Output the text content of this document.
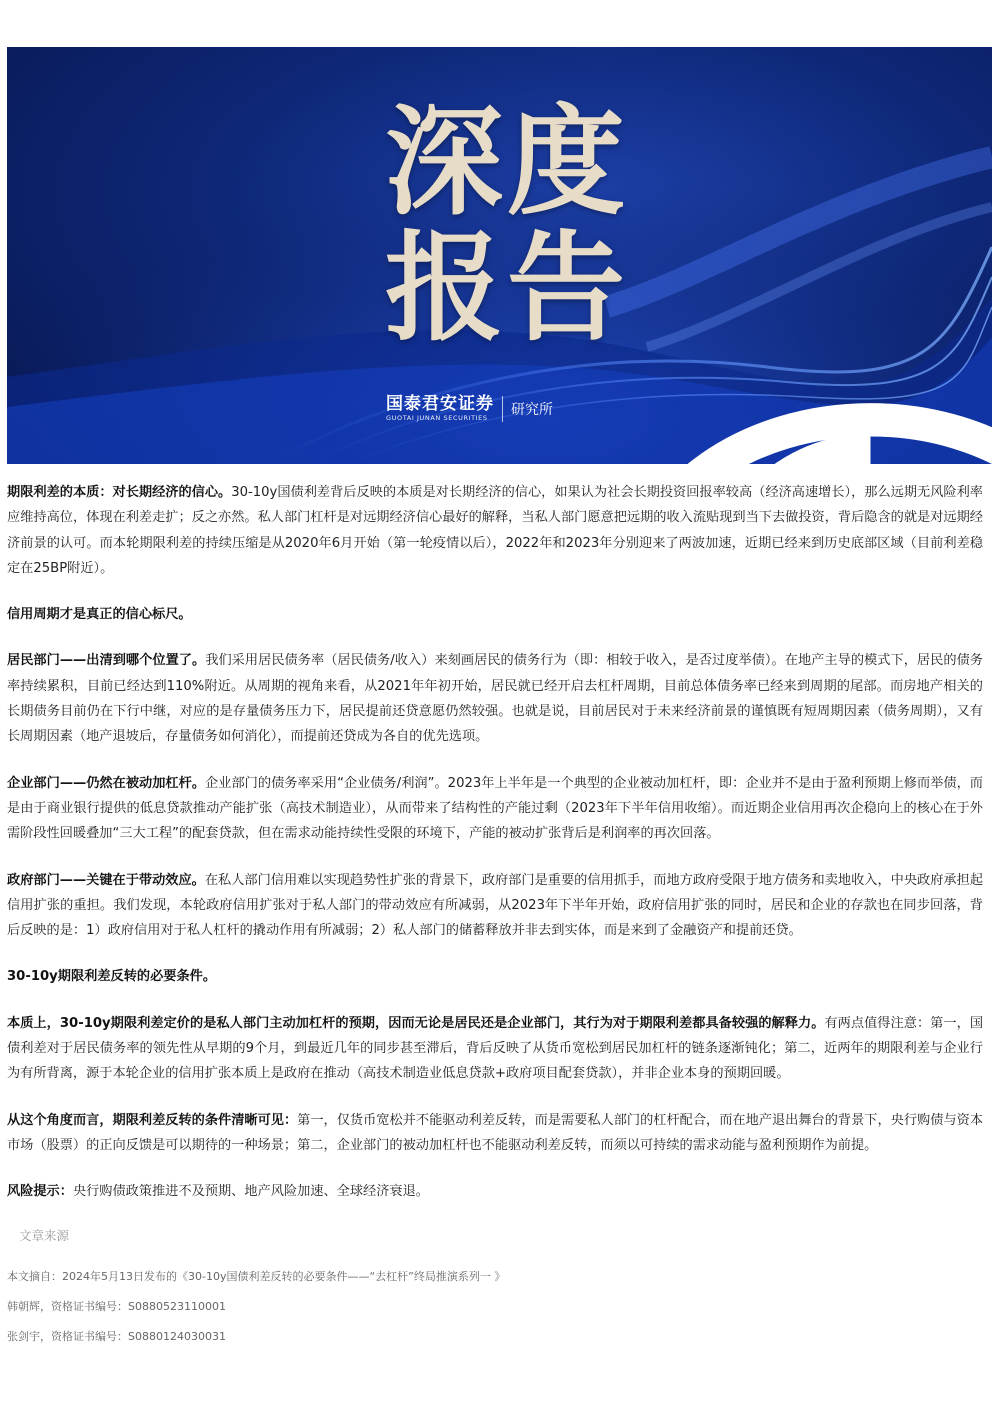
深度
报告
国泰君安证券
GUOTAI JUNAN SECURITIES	研究所

期限利差的本质：对长期经济的信心。30-10y国债利差背后反映的本质是对长期经济的信心，如果认为社会长期投资回报率较高（经济高速增长），那么远期无风险利率应维持高位，体现在利差走扩；反之亦然。私人部门杠杆是对远期经济信心最好的解释，当私人部门愿意把远期的收入流贴现到当下去做投资，背后隐含的就是对远期经济前景的认可。而本轮期限利差的持续压缩是从2020年6月开始（第一轮疫情以后），2022年和2023年分别迎来了两波加速，近期已经来到历史底部区域（目前利差稳定在25BP附近）。

信用周期才是真正的信心标尺。

居民部门——出清到哪个位置了。我们采用居民债务率（居民债务/收入）来刻画居民的债务行为（即：相较于收入，是否过度举债）。在地产主导的模式下，居民的债务率持续累积，目前已经达到110%附近。从周期的视角来看，从2021年年初开始，居民就已经开启去杠杆周期，目前总体债务率已经来到周期的尾部。而房地产相关的长期债务目前仍在下行中继，对应的是存量债务压力下，居民提前还贷意愿仍然较强。也就是说，目前居民对于未来经济前景的谨慎既有短周期因素（债务周期），又有长周期因素（地产退坡后，存量债务如何消化），而提前还贷成为各自的优先选项。

企业部门——仍然在被动加杠杆。企业部门的债务率采用“企业债务/利润”。2023年上半年是一个典型的企业被动加杠杆，即：企业并不是由于盈利预期上修而举债，而是由于商业银行提供的低息贷款推动产能扩张（高技术制造业），从而带来了结构性的产能过剩（2023年下半年信用收缩）。而近期企业信用再次企稳向上的核心在于外需阶段性回暖叠加“三大工程”的配套贷款，但在需求动能持续性受限的环境下，产能的被动扩张背后是利润率的再次回落。

政府部门——关键在于带动效应。在私人部门信用难以实现趋势性扩张的背景下，政府部门是重要的信用抓手，而地方政府受限于地方债务和卖地收入，中央政府承担起信用扩张的重担。我们发现，本轮政府信用扩张对于私人部门的带动效应有所减弱，从2023年下半年开始，政府信用扩张的同时，居民和企业的存款也在同步回落，背后反映的是：1）政府信用对于私人杠杆的撬动作用有所减弱；2）私人部门的储蓄释放并非去到实体，而是来到了金融资产和提前还贷。

30-10y期限利差反转的必要条件。

本质上，30-10y期限利差定价的是私人部门主动加杠杆的预期，因而无论是居民还是企业部门，其行为对于期限利差都具备较强的解释力。有两点值得注意：第一，国债利差对于居民债务率的领先性从早期的9个月，到最近几年的同步甚至滞后，背后反映了从货币宽松到居民加杠杆的链条逐渐钝化；第二，近两年的期限利差与企业行为有所背离，源于本轮企业的信用扩张本质上是政府在推动（高技术制造业低息贷款+政府项目配套贷款），并非企业本身的预期回暖。

从这个角度而言，期限利差反转的条件清晰可见：第一，仅货币宽松并不能驱动利差反转，而是需要私人部门的杠杆配合，而在地产退出舞台的背景下，央行购债与资本市场（股票）的正向反馈是可以期待的一种场景；第二，企业部门的被动加杠杆也不能驱动利差反转，而须以可持续的需求动能与盈利预期作为前提。

风险提示：央行购债政策推进不及预期、地产风险加速、全球经济衰退。

文章来源
本文摘自：2024年5月13日发布的《30-10y国债利差反转的必要条件——“去杠杆”终局推演系列一 》
韩朝辉，资格证书编号：S0880523110001
张剑宇，资格证书编号：S0880124030031
